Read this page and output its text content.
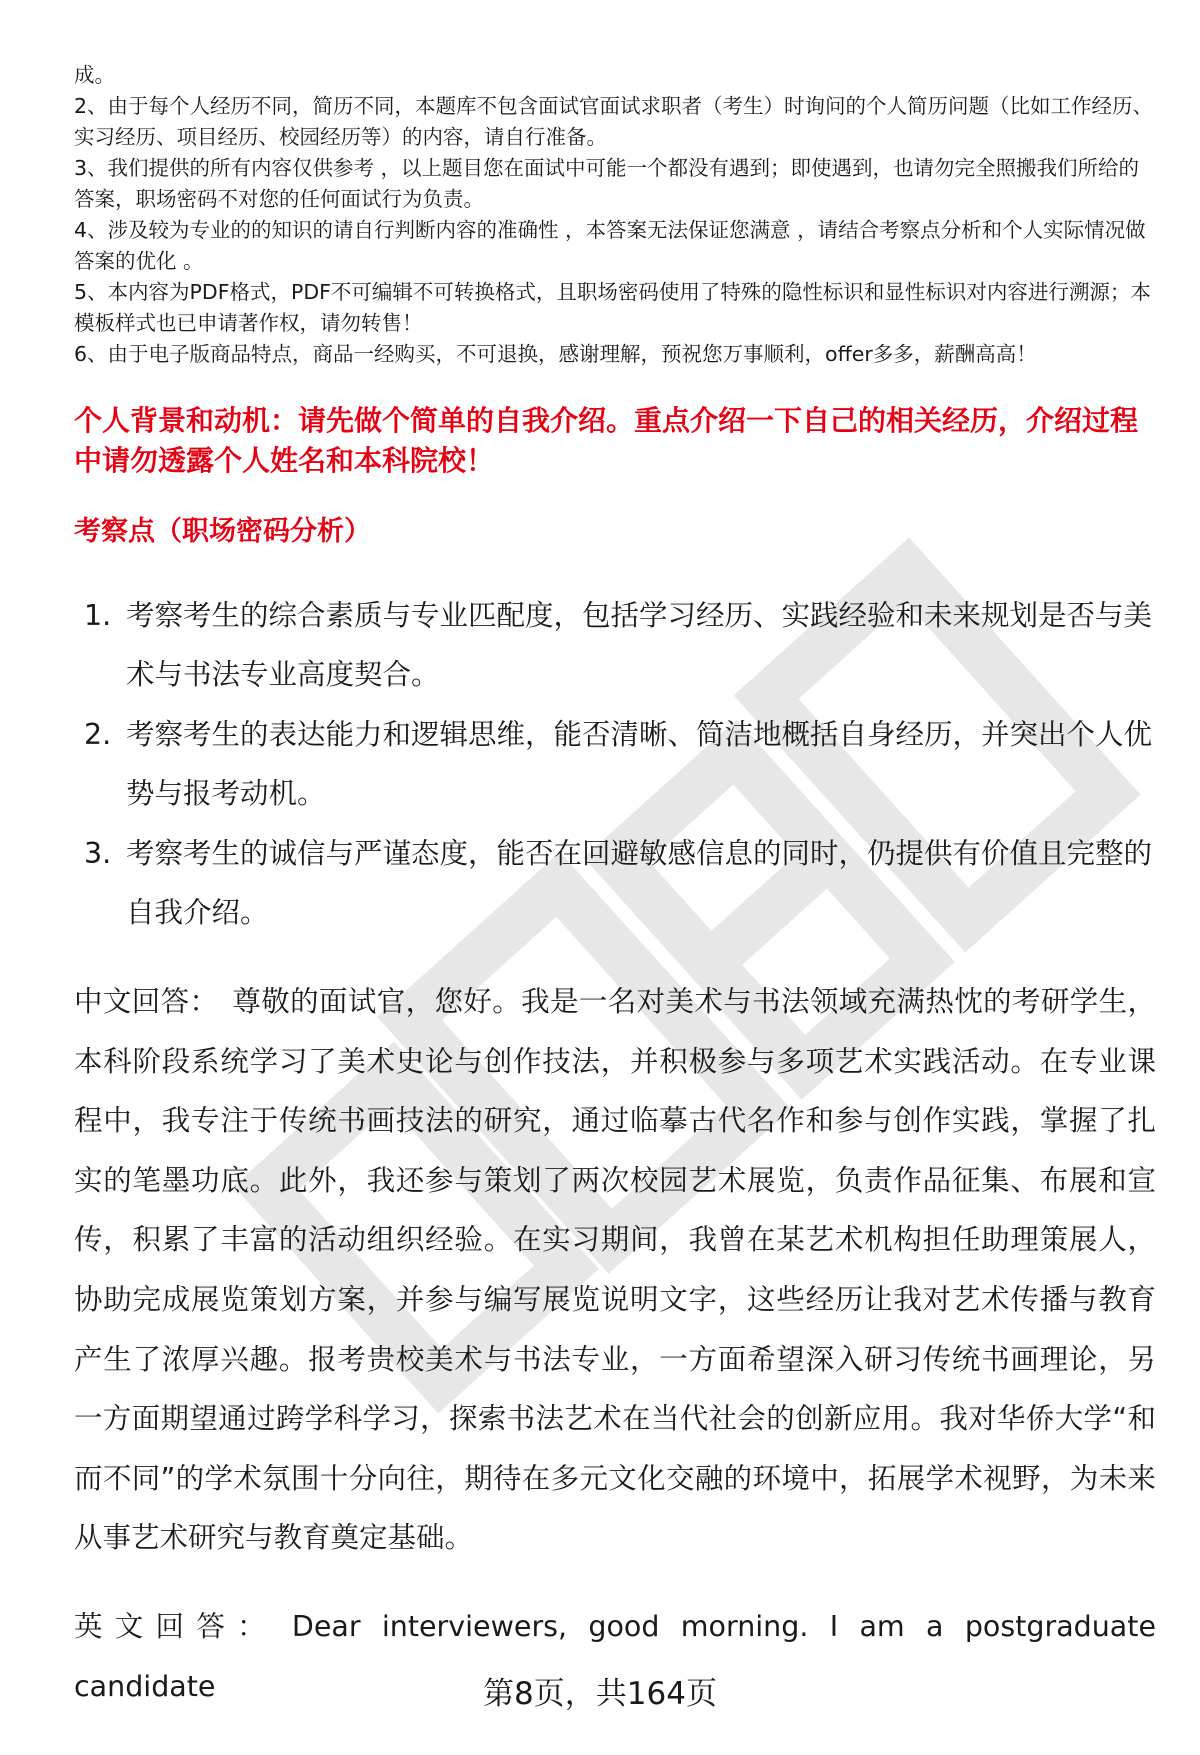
成。

2、由于每个人经历不同，简历不同，本题库不包含面试官面试求职者（考生）时询问的个人简历问题（比如工作经历、实习经历、项目经历、校园经历等）的内容，请自行准备。

3、我们提供的所有内容仅供参考 ，以上题目您在面试中可能一个都没有遇到；即使遇到，也请勿完全照搬我们所给的答案，职场密码不对您的任何面试行为负责。

4、涉及较为专业的的知识的请自行判断内容的准确性 ，本答案无法保证您满意 ，请结合考察点分析和个人实际情况做答案的优化 。

5、本内容为PDF格式，PDF不可编辑不可转换格式，且职场密码使用了特殊的隐性标识和显性标识对内容进行溯源；本模板样式也已申请著作权，请勿转售！

6、由于电子版商品特点，商品一经购买，不可退换，感谢理解，预祝您万事顺利，offer多多，薪酬高高！

个人背景和动机：请先做个简单的自我介绍。重点介绍一下自己的相关经历，介绍过程中请勿透露个人姓名和本科院校！
考察点（职场密码分析）
1. 考察考生的综合素质与专业匹配度，包括学习经历、实践经验和未来规划是否与美术与书法专业高度契合。
2. 考察考生的表达能力和逻辑思维，能否清晰、简洁地概括自身经历，并突出个人优势与报考动机。
3. 考察考生的诚信与严谨态度，能否在回避敏感信息的同时，仍提供有价值且完整的自我介绍。

中文回答： 尊敬的面试官，您好。我是一名对美术与书法领域充满热忱的考研学生，本科阶段系统学习了美术史论与创作技法，并积极参与多项艺术实践活动。在专业课程中，我专注于传统书画技法的研究，通过临摹古代名作和参与创作实践，掌握了扎实的笔墨功底。此外，我还参与策划了两次校园艺术展览，负责作品征集、布展和宣传，积累了丰富的活动组织经验。在实习期间，我曾在某艺术机构担任助理策展人，协助完成展览策划方案，并参与编写展览说明文字，这些经历让我对艺术传播与教育产生了浓厚兴趣。报考贵校美术与书法专业，一方面希望深入研习传统书画理论，另一方面期望通过跨学科学习，探索书法艺术在当代社会的创新应用。我对华侨大学“和而不同”的学术氛围十分向往，期待在多元文化交融的环境中，拓展学术视野，为未来从事艺术研究与教育奠定基础。

英文回答： Dear interviewers, good morning. I am a postgraduate candidate	第8页，共164页
